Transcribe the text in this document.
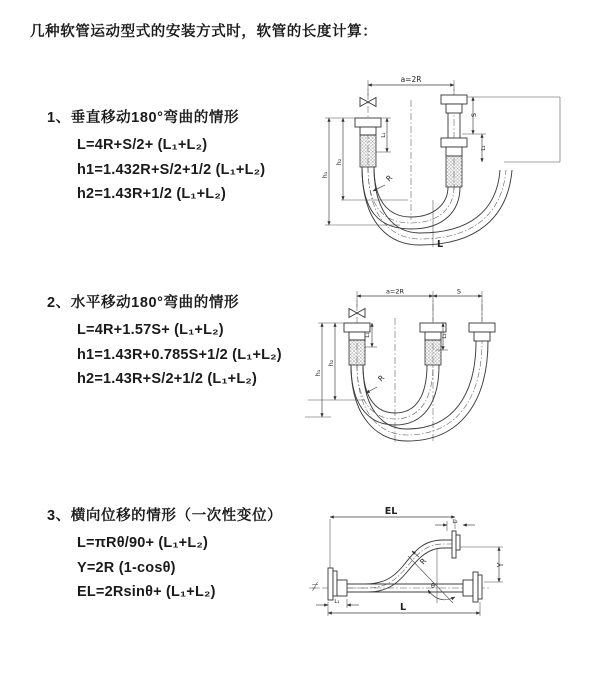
几种软管运动型式的安装方式时，软管的长度计算：
1、垂直移动180°弯曲的情形
L=4R+S/2+ (L₁+L₂)
h1=1.432R+S/2+1/2 (L₁+L₂)
h2=1.43R+1/2 (L₁+L₂)
2、水平移动180°弯曲的情形
L=4R+1.57S+ (L₁+L₂)
h1=1.43R+0.785S+1/2 (L₁+L₂)
h2=1.43R+S/2+1/2 (L₁+L₂)
3、横向位移的情形（一次性变位）
L=πRθ/90+ (L₁+L₂)
Y=2R (1-cosθ)
EL=2Rsinθ+ (L₁+L₂)
a=2R
h₁
h₂
L₁
S
L₂
L
R
a=2R	S
h₁
h₂
L₁	L₂
R
EL
L₂
Y
L
L₁
R
θ
